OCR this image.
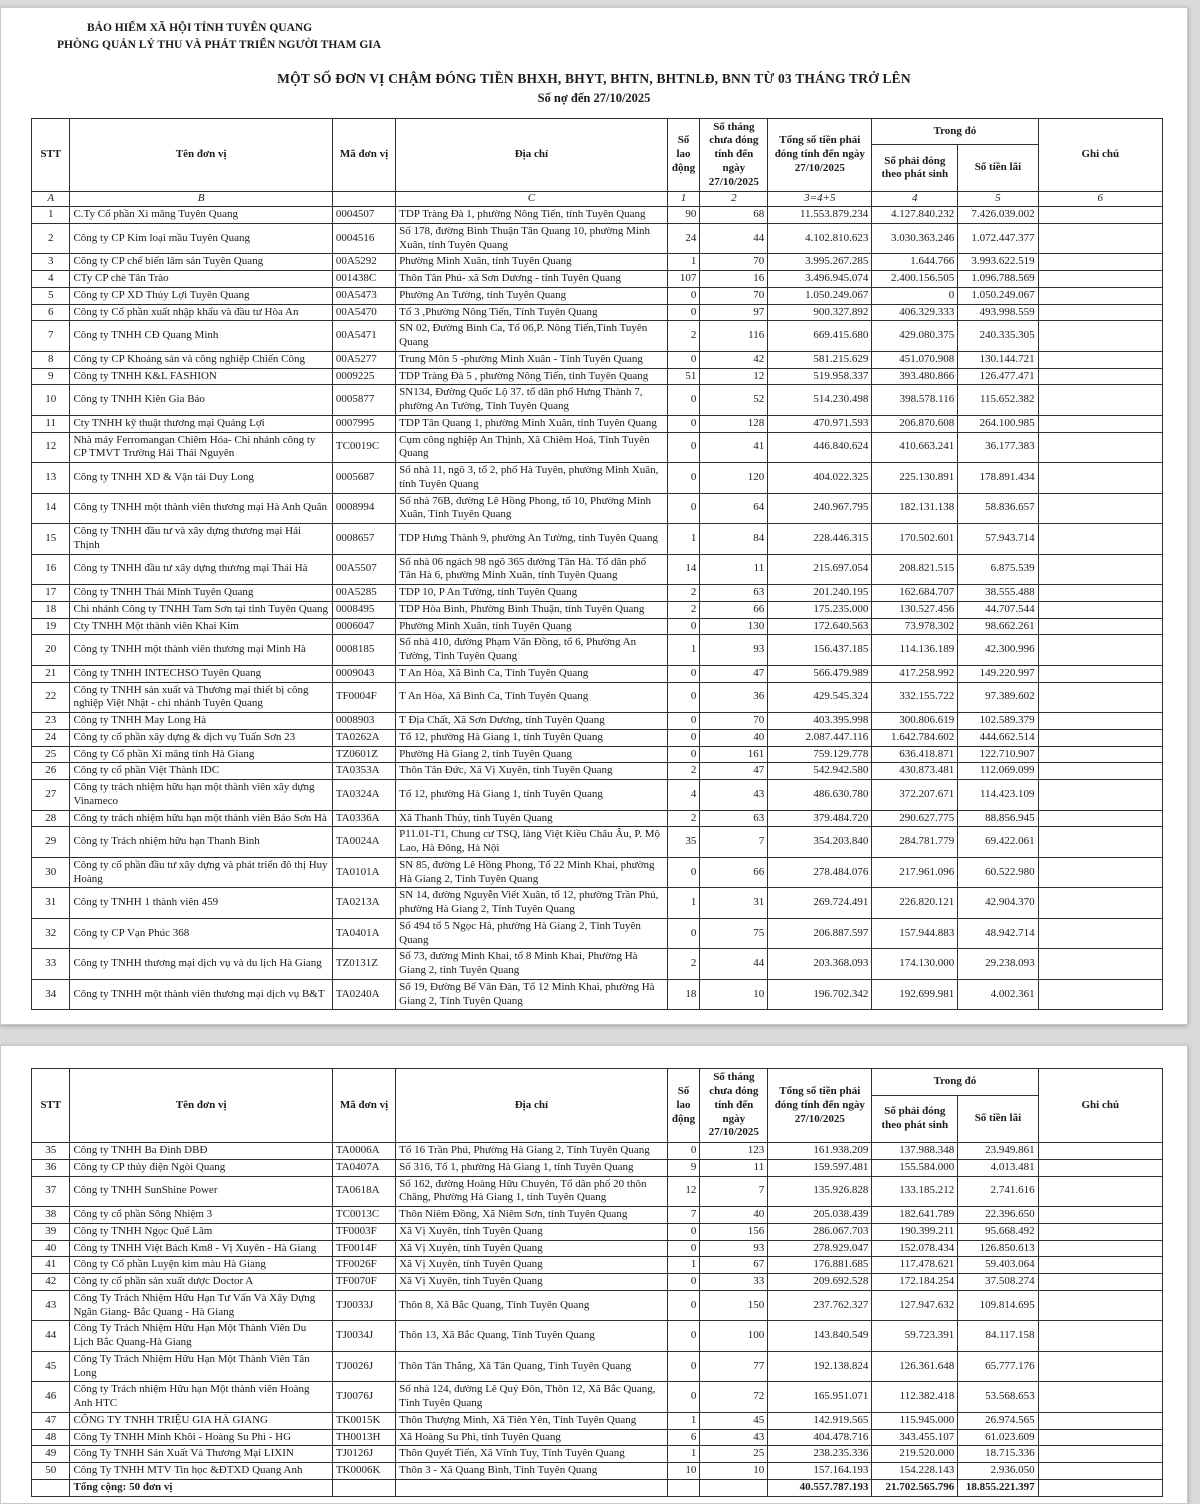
BẢO HIỂM XÃ HỘI TỈNH TUYÊN QUANG
PHÒNG QUẢN LÝ THU VÀ PHÁT TRIỂN NGƯỜI THAM GIA
MỘT SỐ ĐƠN VỊ CHẬM ĐÓNG TIỀN BHXH, BHYT, BHTN, BHTNLĐ, BNN TỪ 03 THÁNG TRỞ LÊN
Số nợ đến 27/10/2025
STT	Tên đơn vị	Mã đơn vị	Địa chỉ	Số lao động	Số tháng chưa đóng tính đến ngày 27/10/2025	Tổng số tiền phải đóng tính đến ngày 27/10/2025	Trong đó		Ghi chú
							Số phải đóng theo phát sinh	Số tiền lãi	
A	B		C	1	2	3=4+5	4	5	6
1	C.Ty Cổ phần Xi măng Tuyên Quang	0004507	TDP Tràng Đà 1, phường Nông Tiến, tỉnh Tuyên Quang	90	68	11.553.879.234	4.127.840.232	7.426.039.002	
2	Công ty CP Kim loại mầu Tuyên Quang	0004516	Số 178, đường Bình Thuận Tân Quang 10, phường Minh Xuân, tỉnh Tuyên Quang	24	44	4.102.810.623	3.030.363.246	1.072.447.377	
3	Công ty CP chế biến lâm sản Tuyên Quang	00A5292	Phường Minh Xuân, tỉnh Tuyên Quang	1	70	3.995.267.285	1.644.766	3.993.622.519	
4	CTy CP chè Tân Trào	001438C	Thôn Tân Phú- xã Sơn Dương - tỉnh Tuyên Quang	107	16	3.496.945.074	2.400.156.505	1.096.788.569	
5	Công ty CP XD Thủy Lợi Tuyên Quang	00A5473	Phường An Tường, tỉnh Tuyên Quang	0	70	1.050.249.067	0	1.050.249.067	
6	Công ty Cổ phần xuất nhập khẩu và đầu tư Hòa An	00A5470	Tổ 3 ,Phường Nông Tiến, Tỉnh Tuyên Quang	0	97	900.327.892	406.329.333	493.998.559	
7	Công ty TNHH CĐ Quang Minh	00A5471	SN 02, Đường Bình Ca, Tổ 06,P. Nông Tiến,Tỉnh Tuyên Quang	2	116	669.415.680	429.080.375	240.335.305	
8	Công ty CP Khoáng sản và công nghiệp Chiến Công	00A5277	Trung Môn 5 -phường Minh Xuân - Tỉnh Tuyên Quang	0	42	581.215.629	451.070.908	130.144.721	
9	Công ty TNHH K&L FASHION	0009225	TDP Tràng Đà 5 , phường Nông Tiến, tỉnh Tuyên Quang	51	12	519.958.337	393.480.866	126.477.471	
10	Công ty TNHH Kiên Gia Bảo	0005877	SN134, Đường Quốc Lộ 37. tổ dân phố Hưng Thành 7, phường An Tường, Tỉnh Tuyên Quang	0	52	514.230.498	398.578.116	115.652.382	
11	Cty TNHH kỹ thuật thương mại Quảng Lợi	0007995	TDP Tân Quang 1, phường Minh Xuân, tỉnh Tuyên Quang	0	128	470.971.593	206.870.608	264.100.985	
12	Nhà máy Ferromangan Chiêm Hóa- Chi nhánh công ty CP TMVT Trường Hải Thái Nguyên	TC0019C	Cụm công nghiệp An Thịnh, Xã Chiêm Hoá, Tỉnh Tuyên Quang	0	41	446.840.624	410.663.241	36.177.383	
13	Công ty TNHH XD & Vận tải Duy Long	0005687	Số nhà 11, ngõ 3, tổ 2, phố Hà Tuyên, phường Minh Xuân, tỉnh Tuyên Quang	0	120	404.022.325	225.130.891	178.891.434	
14	Công ty TNHH một thành viên thương mại Hà Anh Quân	0008994	Số nhà 76B, đường Lê Hồng Phong, tổ 10, Phường Minh Xuân, Tỉnh Tuyên Quang	0	64	240.967.795	182.131.138	58.836.657	
15	Công ty TNHH đầu tư và xây dựng thương mại Hải Thịnh	0008657	TDP Hưng Thành 9, phường An Tường, tỉnh Tuyên Quang	1	84	228.446.315	170.502.601	57.943.714	
16	Công ty TNHH đầu tư xây dựng thương mại Thái Hà	00A5507	Số nhà 06 ngách 98 ngõ 365 đường Tân Hà. Tổ dân phố Tân Hà 6, phường Minh Xuân, tỉnh Tuyên Quang	14	11	215.697.054	208.821.515	6.875.539	
17	Công ty TNHH Thái Minh Tuyên Quang	00A5285	TDP 10, P An Tường, tỉnh Tuyên Quang	2	63	201.240.195	162.684.707	38.555.488	
18	Chi nhánh Công ty TNHH Tam Sơn tại tỉnh Tuyên Quang	0008495	TDP Hòa Bình, Phường Bình Thuận, tỉnh Tuyên Quang	2	66	175.235.000	130.527.456	44.707.544	
19	Cty TNHH Một thành viên Khai Kim	0006047	Phường Minh Xuân, tỉnh Tuyên Quang	0	130	172.640.563	73.978.302	98.662.261	
20	Công ty TNHH một thành viên thương mại Minh Hà	0008185	Số nhà 410, đường Phạm Văn Đồng, tổ 6, Phường An Tường, Tỉnh Tuyên Quang	1	93	156.437.185	114.136.189	42.300.996	
21	Công ty TNHH INTECHSO Tuyên Quang	0009043	T An Hòa, Xã Bình Ca, Tỉnh Tuyên Quang	0	47	566.479.989	417.258.992	149.220.997	
22	Công ty TNHH sản xuất và Thương mại thiết bị công nghiệp Việt Nhật - chi nhánh Tuyên Quang	TF0004F	T An Hòa, Xã Bình Ca, Tỉnh Tuyên Quang	0	36	429.545.324	332.155.722	97.389.602	
23	Công ty TNHH May Long Hà	0008903	T Địa Chất, Xã Sơn Dương, tỉnh Tuyên Quang	0	70	403.395.998	300.806.619	102.589.379	
24	Công ty cổ phần xây dựng & dịch vụ Tuấn Sơn 23	TA0262A	Tổ 12, phường Hà Giang 1, tỉnh Tuyên Quang	0	40	2.087.447.116	1.642.784.602	444.662.514	
25	Công ty Cổ phần Xi măng tỉnh Hà Giang	TZ0601Z	Phường Hà Giang 2, tỉnh Tuyên Quang	0	161	759.129.778	636.418.871	122.710.907	
26	Công ty cổ phần Việt Thành IDC	TA0353A	Thôn Tân Đức, Xã Vị Xuyên, tỉnh Tuyên Quang	2	47	542.942.580	430.873.481	112.069.099	
27	Công ty trách nhiệm hữu hạn một thành viên xây dựng Vinameco	TA0324A	Tổ 12, phường Hà Giang 1, tỉnh Tuyên Quang	4	43	486.630.780	372.207.671	114.423.109	
28	Công ty trách nhiệm hữu hạn một thành viên Bảo Sơn Hà	TA0336A	Xã Thanh Thủy, tỉnh Tuyên Quang	2	63	379.484.720	290.627.775	88.856.945	
29	Công ty Trách nhiệm hữu hạn Thanh Bình	TA0024A	P11.01-T1, Chung cư TSQ, làng Việt Kiều Châu Âu, P. Mộ Lao, Hà Đông, Hà Nội	35	7	354.203.840	284.781.779	69.422.061	
30	Công ty cổ phần đầu tư xây dựng và phát triển đô thị Huy Hoàng	TA0101A	SN 85, đường Lê Hồng Phong, Tổ 22 Minh Khai, phường Hà Giang 2, Tỉnh Tuyên Quang	0	66	278.484.076	217.961.096	60.522.980	
31	Công ty TNHH 1 thành viên 459	TA0213A	SN 14, đường Nguyễn Viết Xuân, tổ 12, phường Trần Phú, phường Hà Giang 2, Tỉnh Tuyên Quang	1	31	269.724.491	226.820.121	42.904.370	
32	Công ty CP Vạn Phúc 368	TA0401A	Số 494 tổ 5 Ngọc Hà, phường Hà Giang 2, Tỉnh Tuyên Quang	0	75	206.887.597	157.944.883	48.942.714	
33	Công ty TNHH thương mại dịch vụ và du lịch Hà Giang	TZ0131Z	Số 73, đường Minh Khai, tổ 8 Minh Khai, Phường Hà Giang 2, tỉnh Tuyên Quang	2	44	203.368.093	174.130.000	29.238.093	
34	Công ty TNHH một thành viên thương mại dịch vụ B&T	TA0240A	Số 19, Đường Bế Văn Đàn, Tổ 12 Minh Khai, phường Hà Giang 2, Tỉnh Tuyên Quang	18	10	196.702.342	192.699.981	4.002.361	
STT	Tên đơn vị	Mã đơn vị	Địa chỉ	Số lao động	Số tháng chưa đóng tính đến ngày 27/10/2025	Tổng số tiền phải đóng tính đến ngày 27/10/2025	Trong đó		Ghi chú
							Số phải đóng theo phát sinh	Số tiền lãi	
35	Công ty TNHH Ba Đình DBĐ	TA0006A	Tổ 16 Trần Phú, Phường Hà Giang 2, Tỉnh Tuyên Quang	0	123	161.938.209	137.988.348	23.949.861	
36	Công ty CP thủy điện Ngòi Quang	TA0407A	Số 316, Tổ 1, phường Hà Giang 1, tỉnh Tuyên Quang	9	11	159.597.481	155.584.000	4.013.481	
37	Công ty TNHH SunShine Power	TA0618A	Số 162, đường Hoàng Hữu Chuyên, Tổ dân phố 20 thôn Chăng, Phường Hà Giang 1, tỉnh Tuyên Quang	12	7	135.926.828	133.185.212	2.741.616	
38	Công ty cổ phần Sông Nhiệm 3	TC0013C	Thôn Niêm Đồng, Xã Niêm Sơn, tỉnh Tuyên Quang	7	40	205.038.439	182.641.789	22.396.650	
39	Công ty TNHH Ngọc Quế Lâm	TF0003F	Xã Vị Xuyên, tỉnh Tuyên Quang	0	156	286.067.703	190.399.211	95.668.492	
40	Công ty TNHH Việt Bách Km8 - Vị Xuyên - Hà Giang	TF0014F	Xã Vị Xuyên, tỉnh Tuyên Quang	0	93	278.929.047	152.078.434	126.850.613	
41	Công ty Cổ phần Luyện kim màu Hà Giang	TF0026F	Xã Vị Xuyên, tỉnh Tuyên Quang	1	67	176.881.685	117.478.621	59.403.064	
42	Công ty cổ phần sản xuất dược Doctor A	TF0070F	Xã Vị Xuyên, tỉnh Tuyên Quang	0	33	209.692.528	172.184.254	37.508.274	
43	Công Ty Trách Nhiệm Hữu Hạn Tư Vấn Và Xây Dựng Ngân Giang- Bắc Quang - Hà Giang	TJ0033J	Thôn 8, Xã Bắc Quang, Tỉnh Tuyên Quang	0	150	237.762.327	127.947.632	109.814.695	
44	Công Ty Trách Nhiệm Hữu Hạn Một Thành Viên Du Lịch Bắc Quang-Hà Giang	TJ0034J	Thôn 13, Xã Bắc Quang, Tỉnh Tuyên Quang	0	100	143.840.549	59.723.391	84.117.158	
45	Công Ty Trách Nhiệm Hữu Hạn Một Thành Viên Tân Long	TJ0026J	Thôn Tân Thắng, Xã Tân Quang, Tỉnh Tuyên Quang	0	77	192.138.824	126.361.648	65.777.176	
46	Công ty Trách nhiệm Hữu hạn Một thành viên Hoàng Anh HTC	TJ0076J	Số nhà 124, đường Lê Quý Đôn, Thôn 12, Xã Bắc Quang, Tỉnh Tuyên Quang	0	72	165.951.071	112.382.418	53.568.653	
47	CÔNG TY TNHH TRIỆU GIA HÀ GIANG	TK0015K	Thôn Thượng Minh, Xã Tiên Yên, Tỉnh Tuyên Quang	1	45	142.919.565	115.945.000	26.974.565	
48	Công Ty TNHH Minh Khôi - Hoàng Su Phì - HG	TH0013H	Xã Hoàng Su Phì, tỉnh Tuyên Quang	6	43	404.478.716	343.455.107	61.023.609	
49	Công Ty TNHH Sản Xuất Và Thương Mại LIXIN	TJ0126J	Thôn Quyết Tiến, Xã Vĩnh Tuy, Tỉnh Tuyên Quang	1	25	238.235.336	219.520.000	18.715.336	
50	Công Ty TNHH MTV Tin học &ĐTXD Quang Anh	TK0006K	Thôn 3 - Xã Quang Bình, Tỉnh Tuyên Quang	10	10	157.164.193	154.228.143	2.936.050	
	Tổng cộng: 50 đơn vị					40.557.787.193	21.702.565.796	18.855.221.397	
